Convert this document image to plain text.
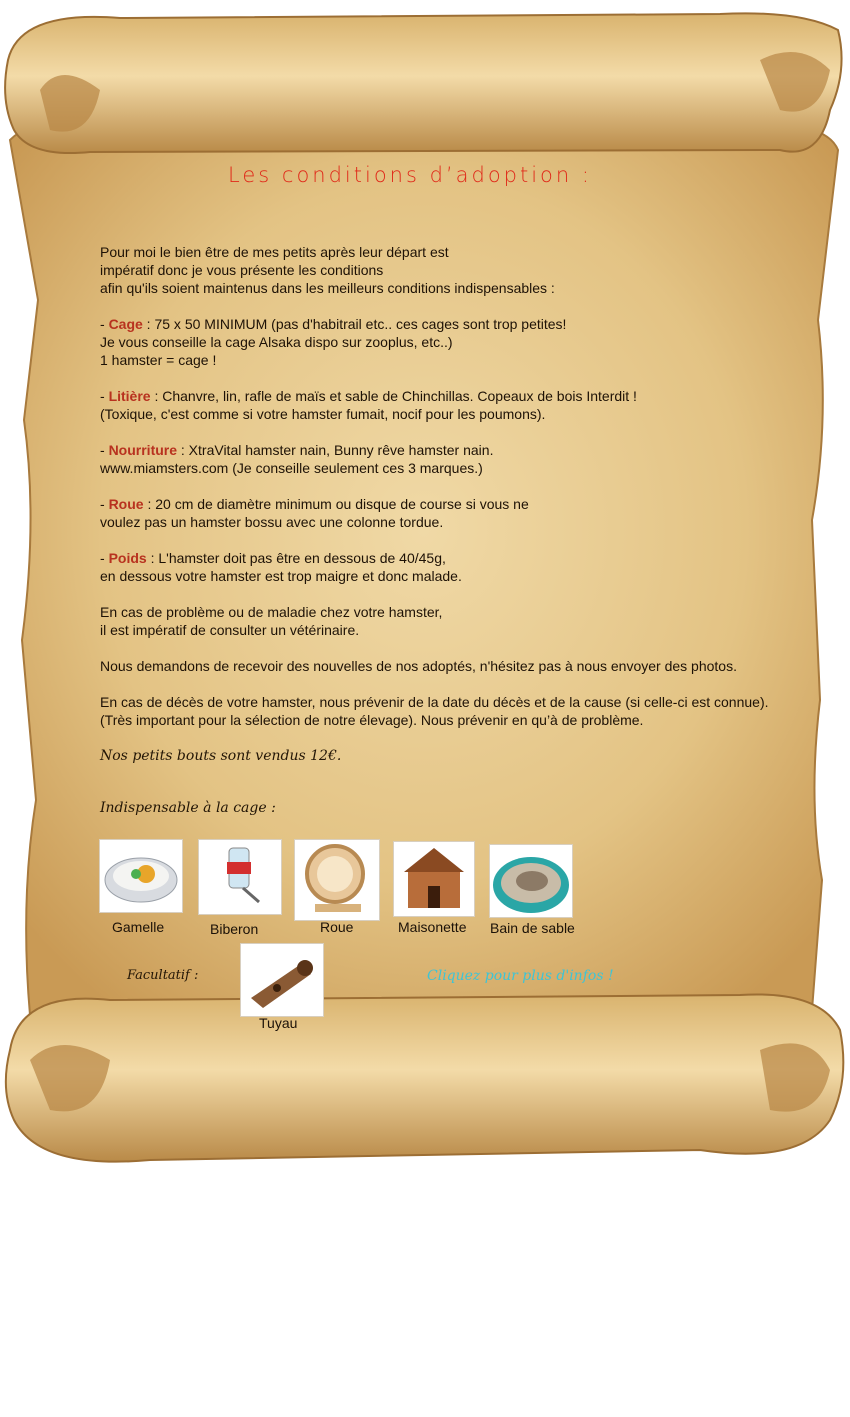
Les conditions d’adoption :

Pour moi le bien être de mes petits après leur départ est
impératif donc je vous présente les conditions
afin qu'ils soient maintenus dans les meilleurs conditions indispensables :

- Cage : 75 x 50 MINIMUM (pas d'habitrail etc.. ces cages sont trop petites!
Je vous conseille la cage Alsaka dispo sur zooplus, etc..)
1 hamster = cage !

- Litière : Chanvre, lin, rafle de maïs et sable de Chinchillas. Copeaux de bois Interdit !
(Toxique, c'est comme si votre hamster fumait, nocif pour les poumons).

- Nourriture : XtraVital hamster nain, Bunny rêve hamster nain.
www.miamsters.com (Je conseille seulement ces 3 marques.)

- Roue : 20 cm de diamètre minimum ou disque de course si vous ne
voulez pas un hamster bossu avec une colonne tordue.

- Poids : L'hamster doit pas être en dessous de 40/45g,
en dessous votre hamster est trop maigre et donc malade.

En cas de problème ou de maladie chez votre hamster,
il est impératif de consulter un vétérinaire.

Nous demandons de recevoir des nouvelles de nos adoptés, n'hésitez pas à nous envoyer des photos.

En cas de décès de votre hamster, nous prévenir de la date du décès et de la cause (si celle-ci est connue).
(Très important pour la sélection de notre élevage). Nous prévenir en qu’à de problème.

Nos petits bouts sont vendus 12€.

Indispensable à la cage :
Gamelle	Biberon	Roue	Maisonette Bain de sable
Facultatif :
Tuyau
Cliquez pour plus d'infos !
